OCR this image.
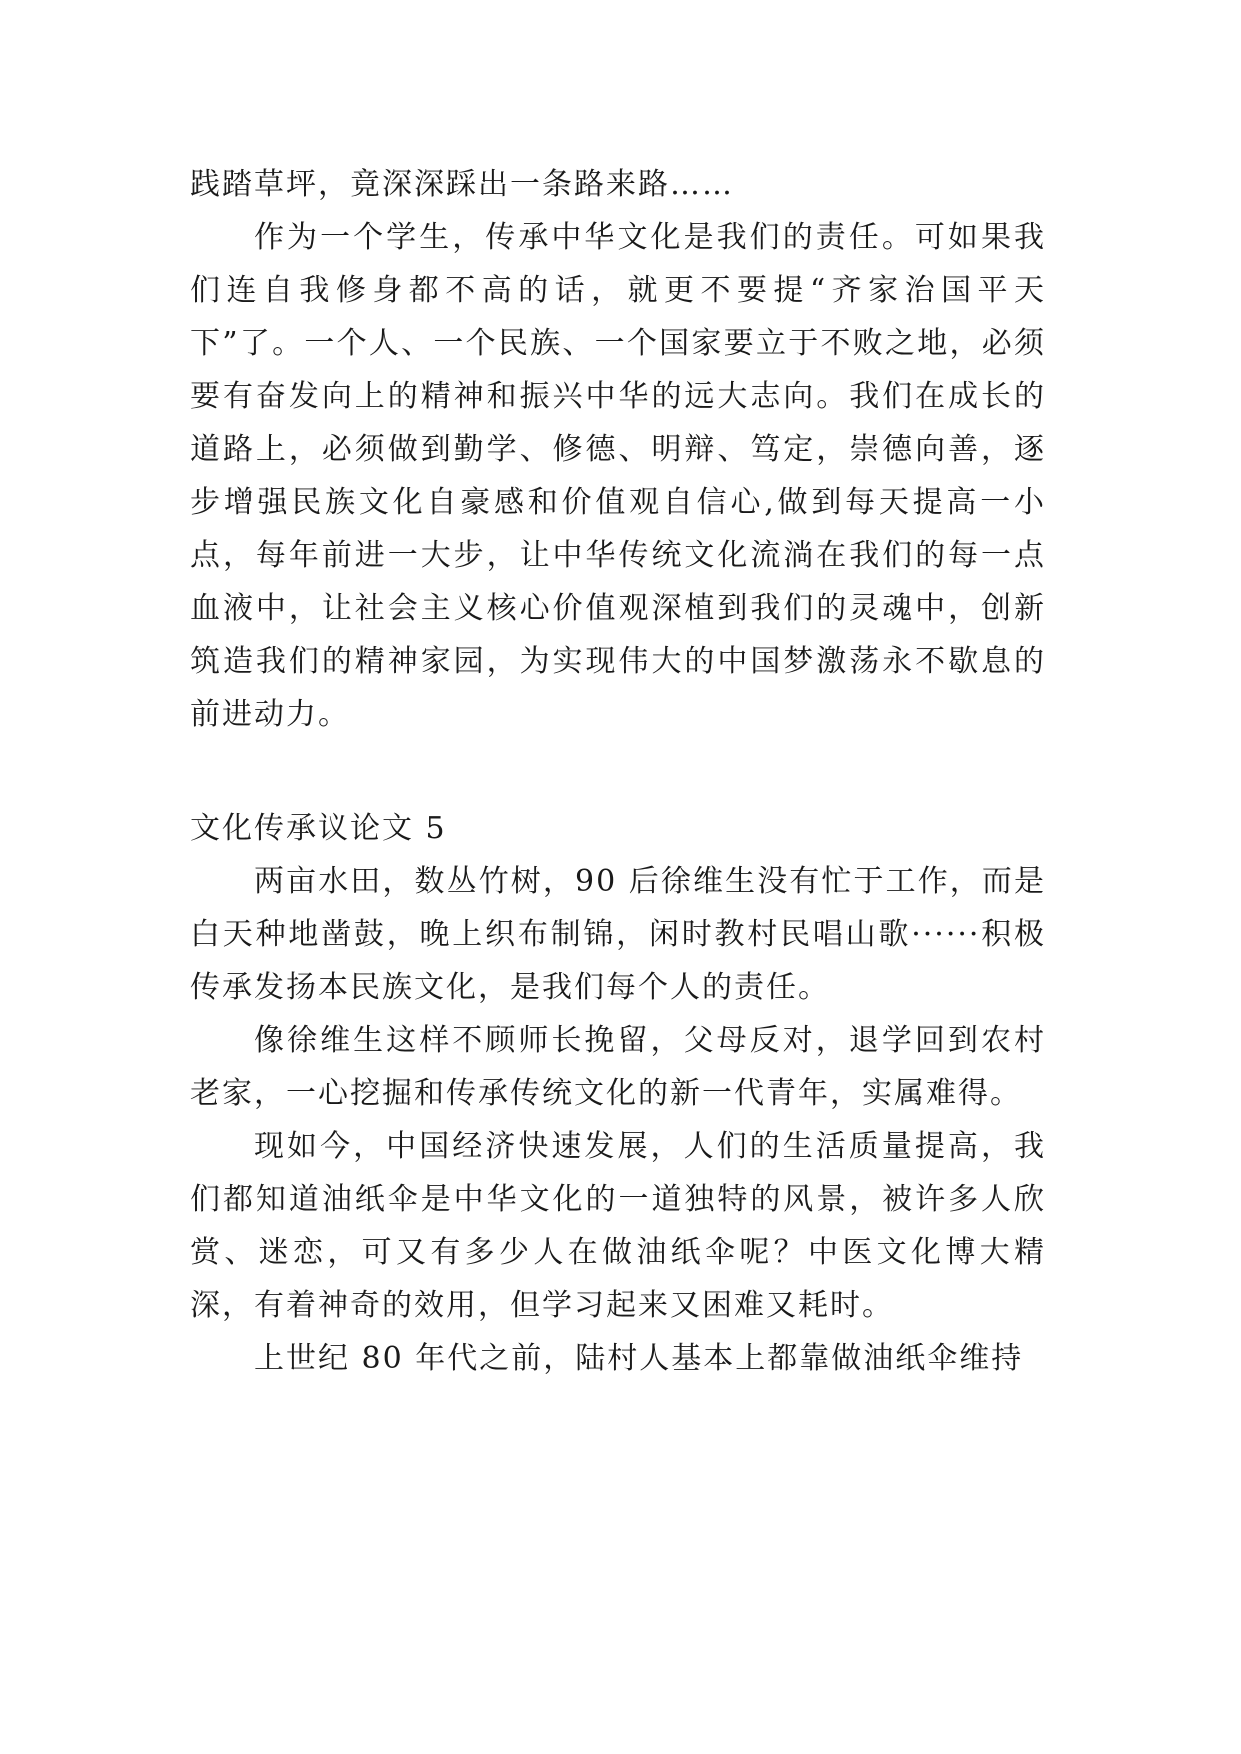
践踏草坪，竟深深踩出一条路来路……

作为一个学生，传承中华文化是我们的责任。可如果我们连自我修身都不高的话，就更不要提“齐家治国平天下”了。一个人、一个民族、一个国家要立于不败之地，必须要有奋发向上的精神和振兴中华的远大志向。我们在成长的道路上，必须做到勤学、修德、明辩、笃定，崇德向善，逐步增强民族文化自豪感和价值观自信心,做到每天提高一小点，每年前进一大步，让中华传统文化流淌在我们的每一点血液中，让社会主义核心价值观深植到我们的灵魂中，创新筑造我们的精神家园，为实现伟大的中国梦激荡永不歇息的前进动力。

文化传承议论文 5

两亩水田，数丛竹树，90 后徐维生没有忙于工作，而是白天种地凿鼓，晚上织布制锦，闲时教村民唱山歌······积极传承发扬本民族文化，是我们每个人的责任。

像徐维生这样不顾师长挽留，父母反对，退学回到农村老家，一心挖掘和传承传统文化的新一代青年，实属难得。

现如今，中国经济快速发展，人们的生活质量提高，我们都知道油纸伞是中华文化的一道独特的风景，被许多人欣赏、迷恋，可又有多少人在做油纸伞呢？中医文化博大精深，有着神奇的效用，但学习起来又困难又耗时。

上世纪 80 年代之前，陆村人基本上都靠做油纸伞维持
